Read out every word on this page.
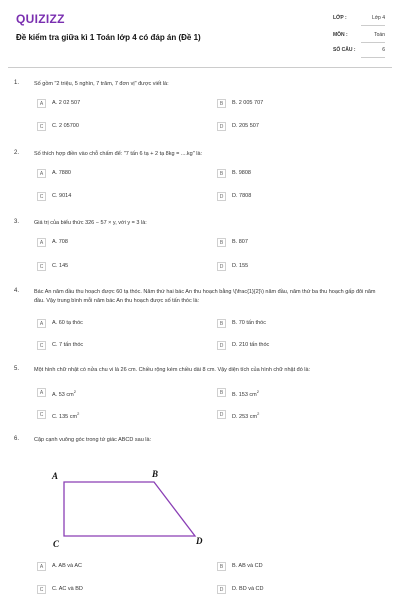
QUIZIZZ
Đề kiểm tra giữa kì 1 Toán lớp 4 có đáp án (Đề 1)
LỚP :	Lớp 4
MÔN :	Toán
SỐ CÂU :	6
1.	Số gồm "2 triệu, 5 nghìn, 7 trăm, 7 đơn vị" được viết là:
A	A. 2 02 507	B	B. 2 005 707
C	C. 2 05700	D	D. 205 507
2.	Số thích hợp điền vào chỗ chấm để: "7 tấn 6 tạ + 2 tạ 8kg = ....kg" là:
A	A. 7880	B	B. 9808
C	C. 9014	D	D. 7808
3.	Giá trị của biểu thức 326 − 57 × y, với y = 3 là:
A	A. 708	B	B. 807
C	C. 145	D	D. 155
4.	Bác An năm đầu thu hoạch được 60 tạ thóc. Năm thứ hai bác An thu hoạch bằng \(\frac{1}{2}\) năm đầu, năm thứ ba thu hoạch gấp đôi năm đầu. Vậy trung bình mỗi năm bác An thu hoạch được số tấn thóc là:
A	A. 60 tạ thóc	B	B. 70 tấn thóc
C	C. 7 tấn thóc	D	D. 210 tấn thóc
5.	Một hình chữ nhật có nửa chu vi là 26 cm. Chiều rộng kém chiều dài 8 cm. Vậy diện tích của hình chữ nhật đó là:
A	A. 53 $cm^2$	B	B. 153 $cm^2$
C	C. 135 $cm^2$	D	D. 253 $cm^2$
6.	Cặp cạnh vuông góc trong tứ giác ABCD sau là:
A	B
C	D
A	A. AB và AC	B	B. AB và CD
C	C. AC và BD	D	D. BD và CD
